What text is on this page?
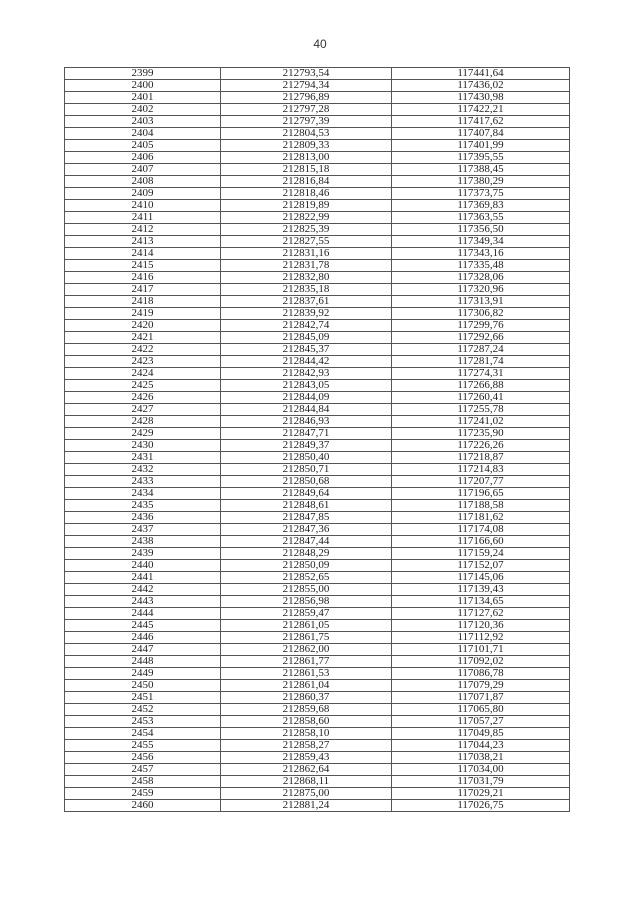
40
2399	212793,54	117441,64
2400	212794,34	117436,02
2401	212796,89	117430,98
2402	212797,28	117422,21
2403	212797,39	117417,62
2404	212804,53	117407,84
2405	212809,33	117401,99
2406	212813,00	117395,55
2407	212815,18	117388,45
2408	212816,84	117380,29
2409	212818,46	117373,75
2410	212819,89	117369,83
2411	212822,99	117363,55
2412	212825,39	117356,50
2413	212827,55	117349,34
2414	212831,16	117343,16
2415	212831,78	117335,48
2416	212832,80	117328,06
2417	212835,18	117320,96
2418	212837,61	117313,91
2419	212839,92	117306,82
2420	212842,74	117299,76
2421	212845,09	117292,66
2422	212845,37	117287,24
2423	212844,42	117281,74
2424	212842,93	117274,31
2425	212843,05	117266,88
2426	212844,09	117260,41
2427	212844,84	117255,78
2428	212846,93	117241,02
2429	212847,71	117235,90
2430	212849,37	117226,26
2431	212850,40	117218,87
2432	212850,71	117214,83
2433	212850,68	117207,77
2434	212849,64	117196,65
2435	212848,61	117188,58
2436	212847,85	117181,62
2437	212847,36	117174,08
2438	212847,44	117166,60
2439	212848,29	117159,24
2440	212850,09	117152,07
2441	212852,65	117145,06
2442	212855,00	117139,43
2443	212856,98	117134,65
2444	212859,47	117127,62
2445	212861,05	117120,36
2446	212861,75	117112,92
2447	212862,00	117101,71
2448	212861,77	117092,02
2449	212861,53	117086,78
2450	212861,04	117079,29
2451	212860,37	117071,87
2452	212859,68	117065,80
2453	212858,60	117057,27
2454	212858,10	117049,85
2455	212858,27	117044,23
2456	212859,43	117038,21
2457	212862,64	117034,00
2458	212868,11	117031,79
2459	212875,00	117029,21
2460	212881,24	117026,75
